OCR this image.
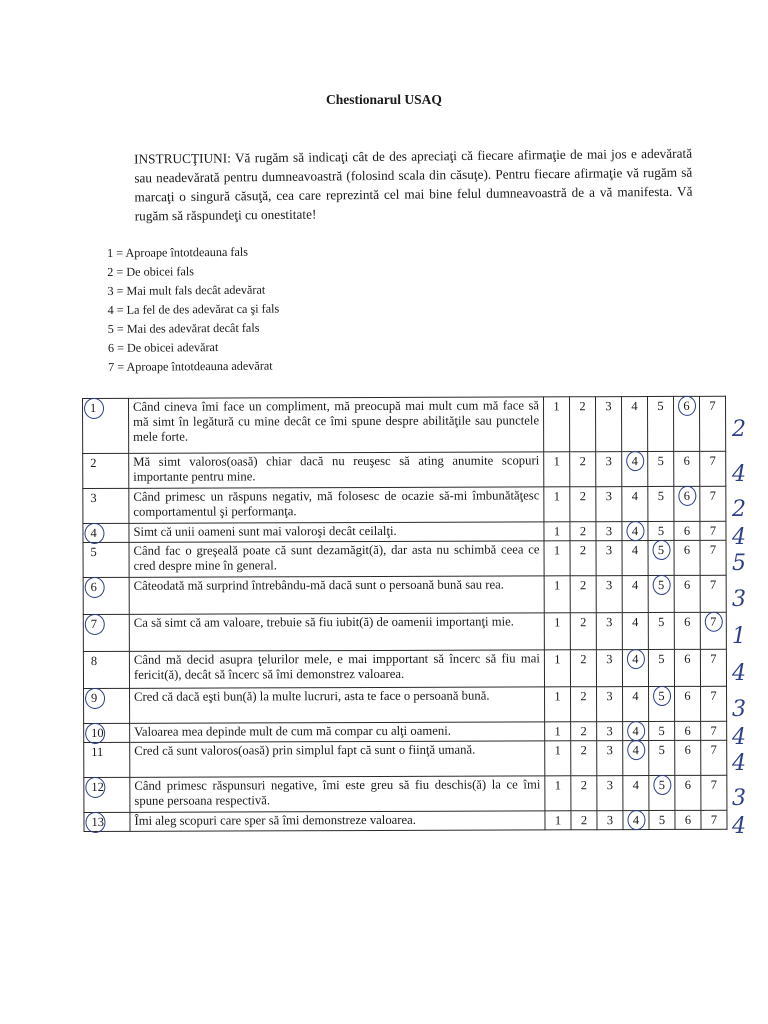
Chestionarul USAQ
INSTRUCŢIUNI: Vă rugăm să indicaţi cât de des apreciaţi că fiecare afirmaţie de mai jos e adevărată sau neadevărată pentru dumneavoastră (folosind scala din căsuţe). Pentru fiecare afirmaţie vă rugăm să marcaţi o singură căsuţă, cea care reprezintă cel mai bine felul dumneavoastră de a vă manifesta. Vă rugăm să răspundeţi cu onestitate!
1 = Aproape întotdeauna fals
2 = De obicei fals
3 = Mai mult fals decât adevărat
4 = La fel de des adevărat ca şi fals
5 = Mai des adevărat decât fals
6 = De obicei adevărat
7 = Aproape întotdeauna adevărat
1	Când cineva îmi face un compliment, mă preocupă mai mult cum mă face să mă simt în legătură cu mine decât ce îmi spune despre abilităţile sau punctele mele forte.	1	2	3	4	5	6	7
2	Mă simt valoros(oasă) chiar dacă nu reuşesc să ating anumite scopuri importante pentru mine.	1	2	3	4	5	6	7
3	Când primesc un răspuns negativ, mă folosesc de ocazie să-mi îmbunătăţesc comportamentul şi performanţa.	1	2	3	4	5	6	7
4	Simt că unii oameni sunt mai valoroşi decât ceilalţi.	1	2	3	4	5	6	7
5	Când fac o greşeală poate că sunt dezamăgit(ă), dar asta nu schimbă ceea ce cred despre mine în general.	1	2	3	4	5	6	7
6	Câteodată mă surprind întrebându-mă dacă sunt o persoană bună sau rea.	1	2	3	4	5	6	7
7	Ca să simt că am valoare, trebuie să fiu iubit(ă) de oamenii importanţi mie.	1	2	3	4	5	6	7
8	Când mă decid asupra ţelurilor mele, e mai impportant să încerc să fiu mai fericit(ă), decât să încerc să îmi demonstrez valoarea.	1	2	3	4	5	6	7
9	Cred că dacă eşti bun(ă) la multe lucruri, asta te face o persoană bună.	1	2	3	4	5	6	7
10	Valoarea mea depinde mult de cum mă compar cu alţi oameni.	1	2	3	4	5	6	7
11	Cred că sunt valoros(oasă) prin simplul fapt că sunt o fiinţă umană.	1	2	3	4	5	6	7
12	Când primesc răspunsuri negative, îmi este greu să fiu deschis(ă) la ce îmi spune persoana respectivă.	1	2	3	4	5	6	7
13	Îmi aleg scopuri care sper să îmi demonstreze valoarea.	1	2	3	4	5	6	7
2
4
2
4
5
3
1
4
3
4
4
3
4
